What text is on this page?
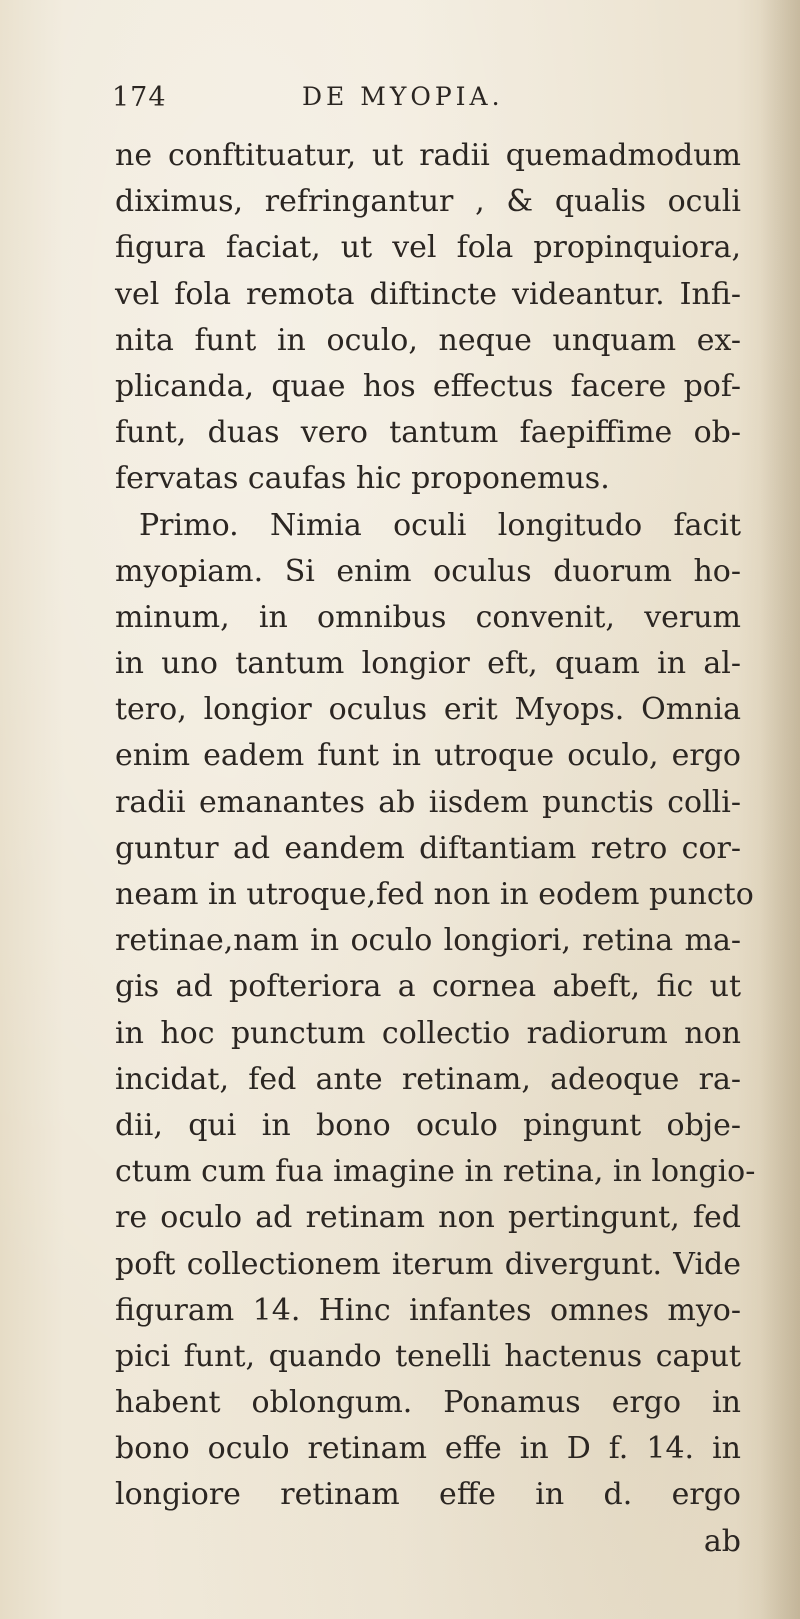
174	DE MYOPIA.
ne conftituatur, ut radii quemadmodum
diximus, refringantur , & qualis oculi
figura faciat, ut vel fola propinquiora,
vel fola remota diftincte videantur. Infi-
nita funt in oculo, neque unquam ex-
plicanda, quae hos effectus facere pof-
funt, duas vero tantum faepiffime ob-
fervatas caufas hic proponemus.
Primo. Nimia oculi longitudo facit
myopiam. Si enim oculus duorum ho-
minum, in omnibus convenit, verum
in uno tantum longior eft, quam in al-
tero, longior oculus erit Myops. Omnia
enim eadem funt in utroque oculo, ergo
radii emanantes ab iisdem punctis colli-
guntur ad eandem diftantiam retro cor-
neam in utroque,fed non in eodem puncto
retinae,nam in oculo longiori, retina ma-
gis ad pofteriora a cornea abeft, fic ut
in hoc punctum collectio radiorum non
incidat, fed ante retinam, adeoque ra-
dii, qui in bono oculo pingunt obje-
ctum cum fua imagine in retina, in longio-
re oculo ad retinam non pertingunt, fed
poft collectionem iterum divergunt. Vide
figuram 14. Hinc infantes omnes myo-
pici funt, quando tenelli hactenus caput
habent oblongum. Ponamus ergo in
bono oculo retinam effe in D f. 14. in
longiore retinam effe in d. ergo
ab
